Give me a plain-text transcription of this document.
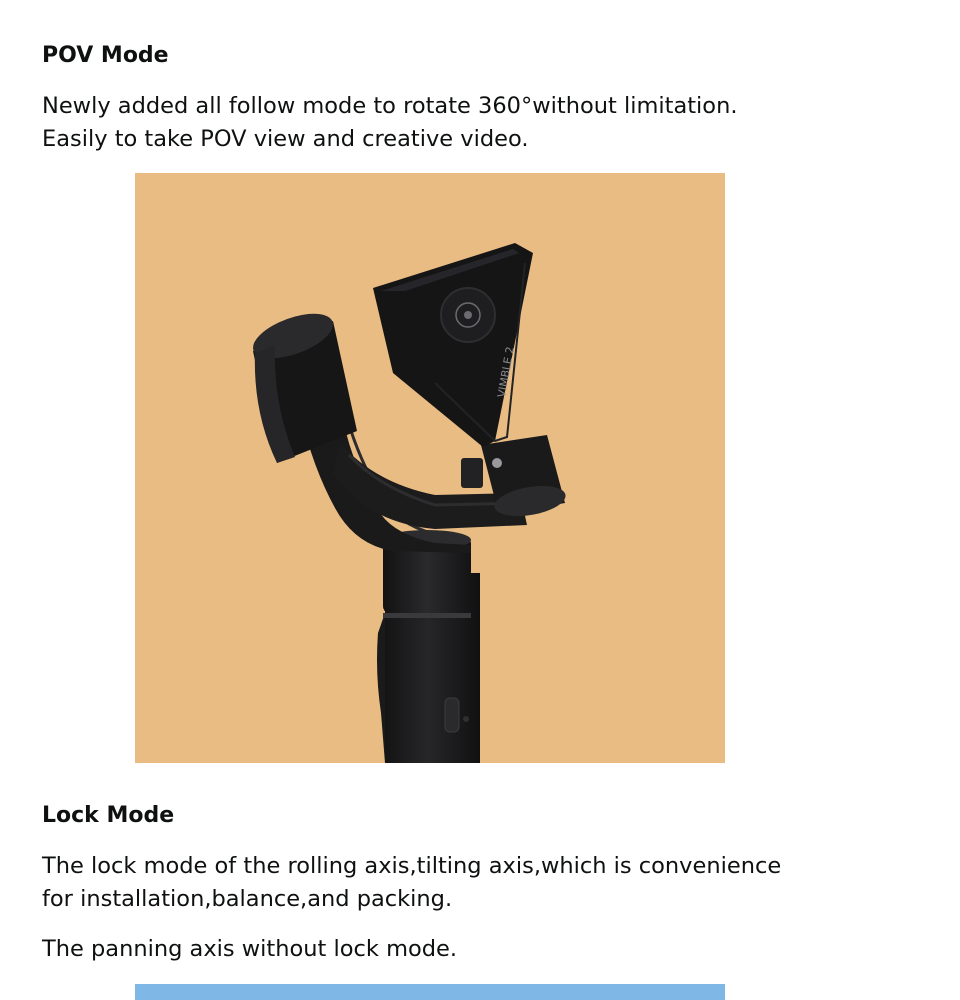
POV Mode

Newly added all follow mode to rotate 360°without limitation.
Easily to take POV view and creative video.

Lock Mode

The lock mode of the rolling axis,tilting axis,which is convenience
for installation,balance,and packing.

The panning axis without lock mode.

VIMBLE 2
